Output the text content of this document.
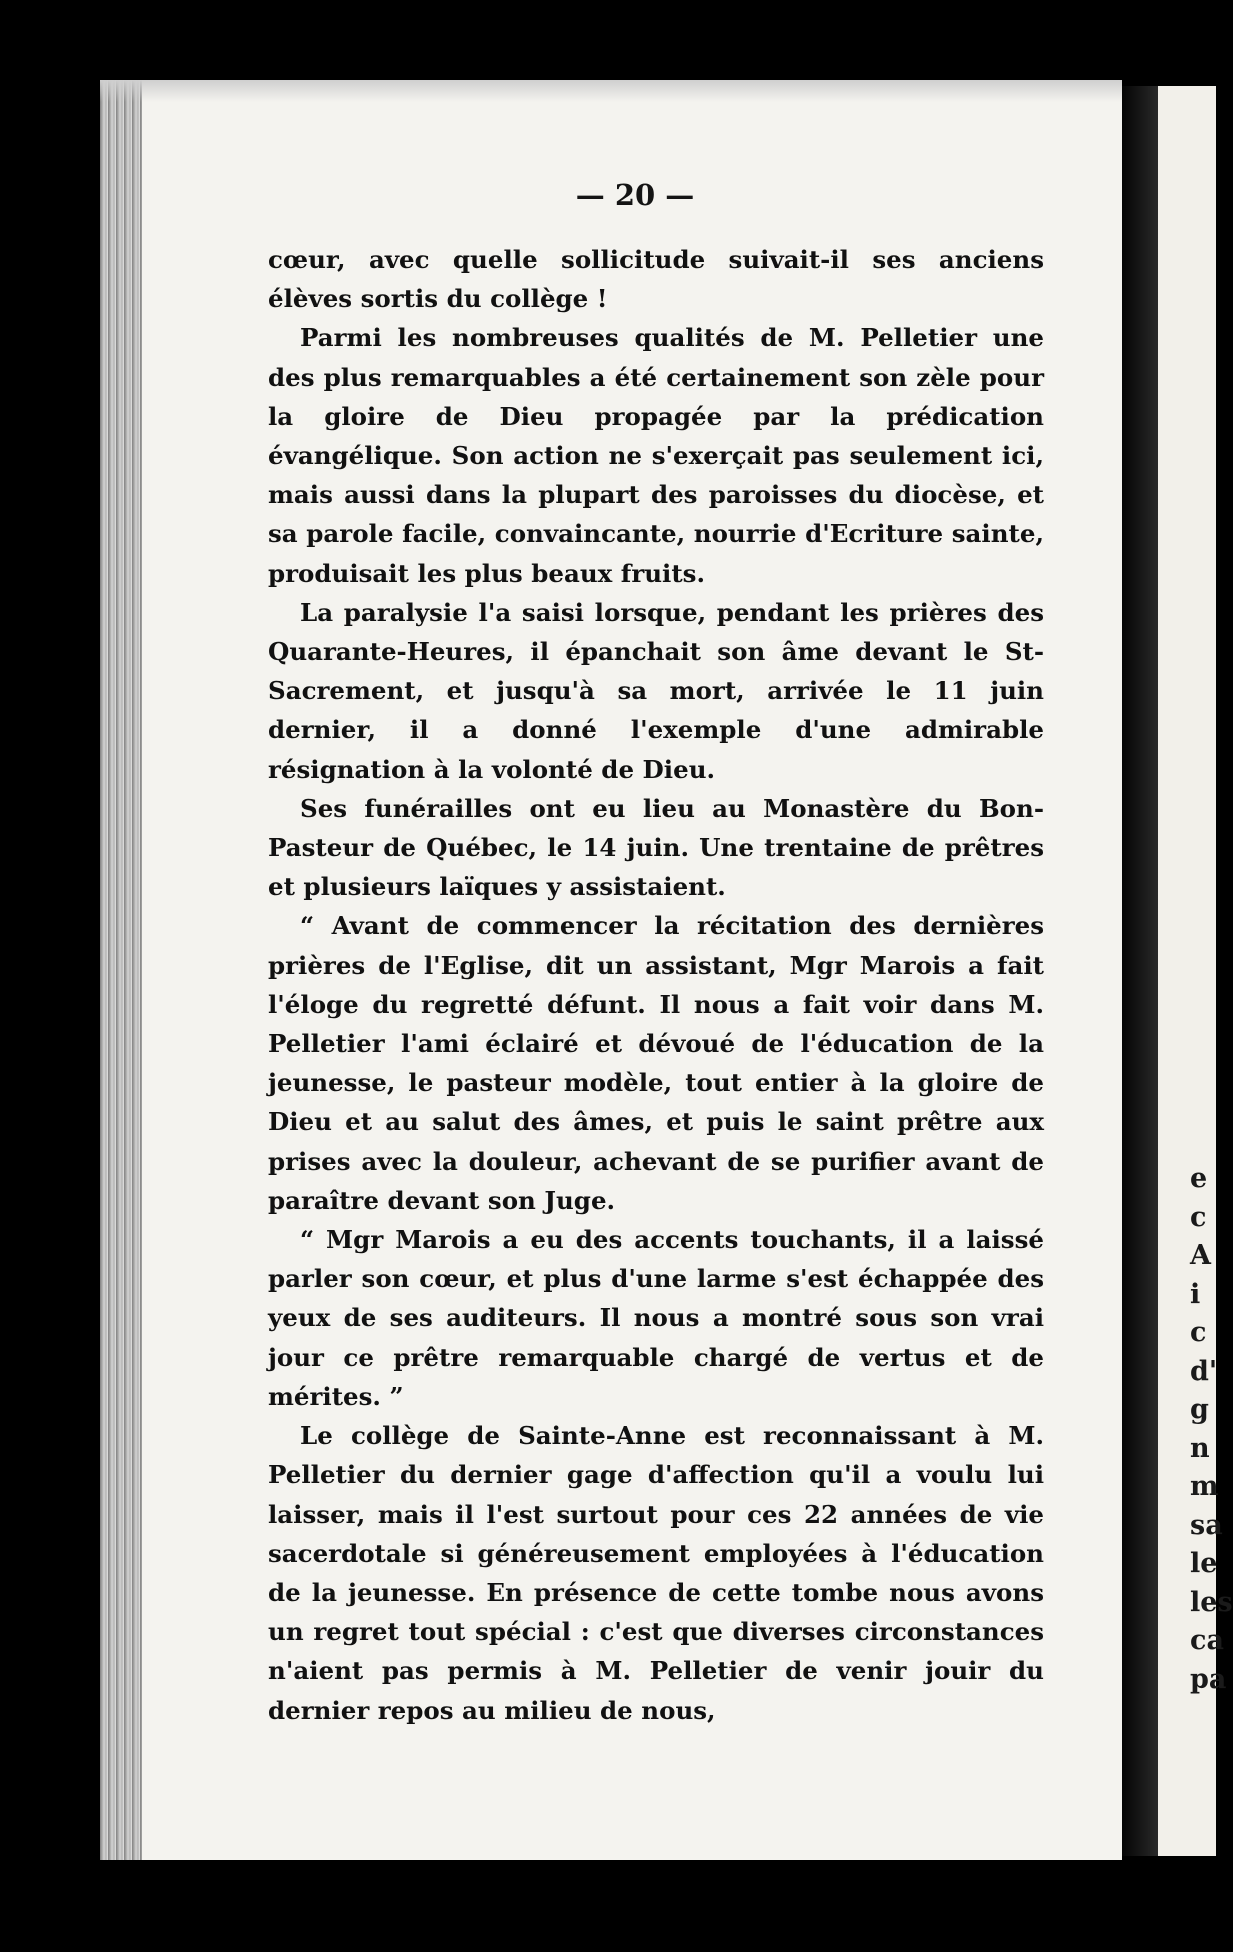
e
c
A
i
c
d'
g
n
m
sa
le
les
ca
pa
— 20 —

cœur, avec quelle sollicitude suivait-il ses anciens élèves sortis du collège !

Parmi les nombreuses qualités de M. Pelletier une des plus remarquables a été certainement son zèle pour la gloire de Dieu propagée par la prédication évangélique. Son action ne s'exerçait pas seulement ici, mais aussi dans la plupart des paroisses du diocèse, et sa parole facile, convaincante, nourrie d'Ecriture sainte, produisait les plus beaux fruits.

La paralysie l'a saisi lorsque, pendant les prières des Quarante-Heures, il épanchait son âme devant le St-Sacrement, et jusqu'à sa mort, arrivée le 11 juin dernier, il a donné l'exemple d'une admirable résignation à la volonté de Dieu.

Ses funérailles ont eu lieu au Monastère du Bon-Pasteur de Québec, le 14 juin. Une trentaine de prêtres et plusieurs laïques y assistaient.

“ Avant de commencer la récitation des dernières prières de l'Eglise, dit un assistant, Mgr Marois a fait l'éloge du regretté défunt. Il nous a fait voir dans M. Pelletier l'ami éclairé et dévoué de l'éducation de la jeunesse, le pasteur modèle, tout entier à la gloire de Dieu et au salut des âmes, et puis le saint prêtre aux prises avec la douleur, achevant de se purifier avant de paraître devant son Juge.

“ Mgr Marois a eu des accents touchants, il a laissé parler son cœur, et plus d'une larme s'est échappée des yeux de ses auditeurs. Il nous a montré sous son vrai jour ce prêtre remarquable chargé de vertus et de mérites. ”

Le collège de Sainte-Anne est reconnaissant à M. Pelletier du dernier gage d'affection qu'il a voulu lui laisser, mais il l'est surtout pour ces 22 années de vie sacerdotale si généreusement employées à l'éducation de la jeunesse. En présence de cette tombe nous avons un regret tout spécial : c'est que diverses circonstances n'aient pas permis à M. Pelletier de venir jouir du dernier repos au milieu de nous,
